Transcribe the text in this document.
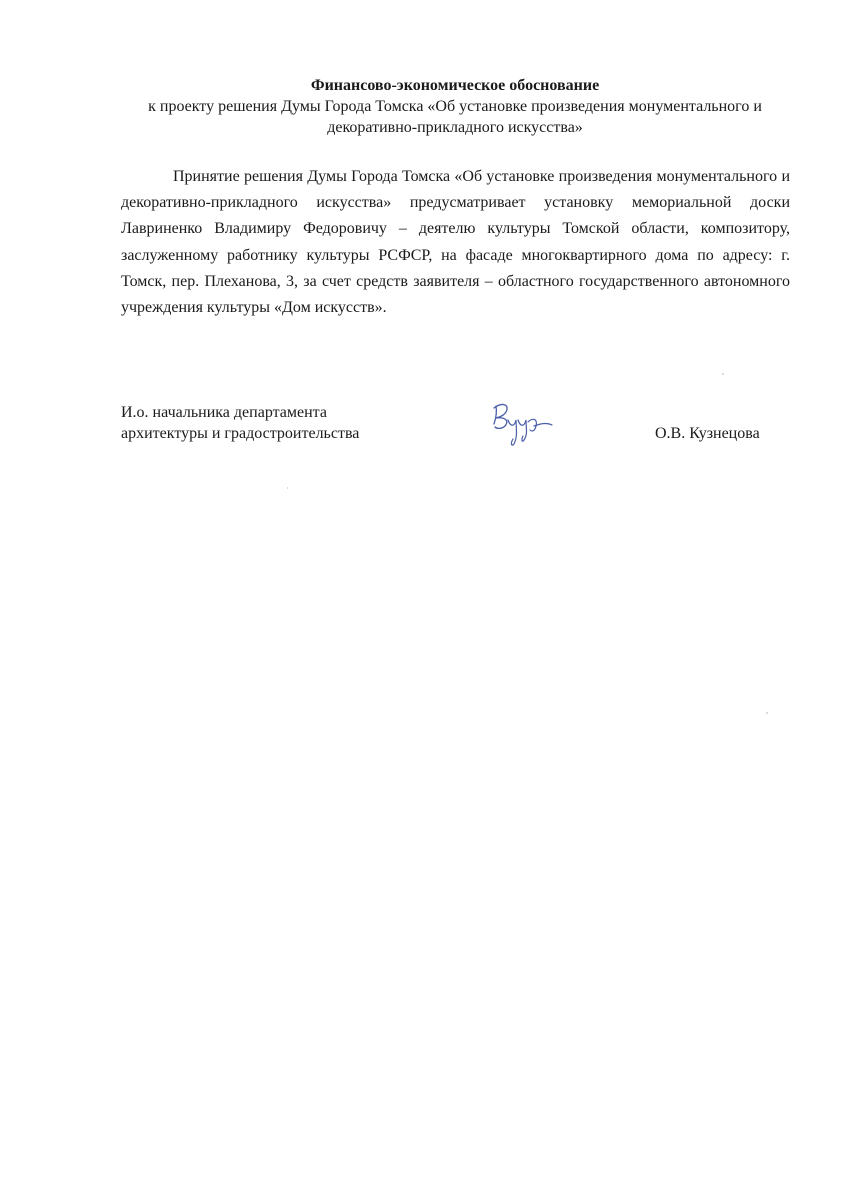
Финансово-экономическое обоснование

к проекту решения Думы Города Томска «Об установке произведения монументального и декоративно-прикладного искусства»

Принятие решения Думы Города Томска «Об установке произведения монументального и декоративно-прикладного искусства» предусматривает установку мемориальной доски Лавриненко Владимиру Федоровичу – деятелю культуры Томской области, композитору, заслуженному работнику культуры РСФСР, на фасаде многоквартирного дома по адресу: г. Томск, пер. Плеханова, 3, за счет средств заявителя – областного государственного автономного учреждения культуры «Дом искусств».

И.о. начальника департамента
архитектуры и градостроительства	О.В. Кузнецова
